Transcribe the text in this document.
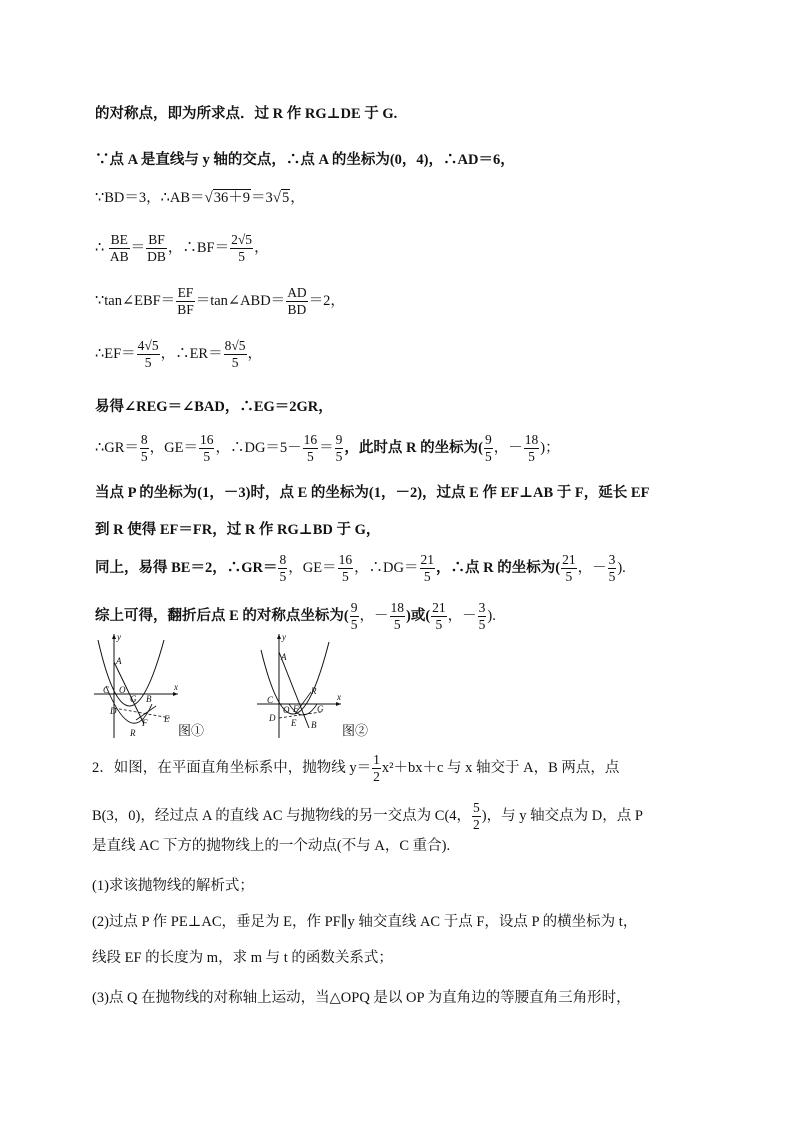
的对称点，即为所求点．过 R 作 RG⊥DE 于 G.
∵点 A 是直线与 y 轴的交点，∴点 A 的坐标为(0，4)，∴AD＝6，
∵BD＝3，∴AB＝√36＋9＝3√5，
∴ $\frac{BE}{AB} = \frac{BF}{DB}$ ，∴BF＝ $\frac{2√5}{5}$ ，
∵tan∠EBF＝ $\frac{EF}{BF}$ ＝tan∠ABD＝ $\frac{AD}{BD} =2$，
∴EF＝ $\frac{4√5}{5}$ ，∴ER＝ $\frac{8√5}{5}$ ，
易得∠REG＝∠BAD，∴EG＝2GR，
∴GR＝ $\frac{8}{5}$ ，$GE= \frac{16}{5}$ ，∴DG＝5－ $\frac{16}{5} = \frac{9}{5}$ ，此时点 R 的坐标为( $\frac{9}{5}$ ，－ $\frac{18}{5}$ )；
当点 P 的坐标为(1，－3)时，点 E 的坐标为(1，－2)，过点 E 作 EF⊥AB 于 F，延长 EF
到 R 使得 EF＝FR，过 R 作 RG⊥BD 于 G，
同上，易得 BE＝2，∴GR＝ $\frac{8}{5}$ ，$GE= \frac{16}{5}$ ，∴DG＝ $\frac{21}{5}$ ，∴点 R 的坐标为( $\frac{21}{5}$ ，－ $\frac{3}{5}$ ).
综上可得，翻折后点 E 的对称点坐标为( $\frac{9}{5}$ ，－ $\frac{18}{5}$ )或( $\frac{21}{5}$ ，－ $\frac{3}{5}$ ).
y
x
A
C O
G B
D
E
F
R	图①
y
x
A
C
O F G
R
D E B 图②
2．如图，在平面直角坐标系中，抛物线 $y= \frac{1}{2} x^2+bx+c$ 与 x 轴交于 A，B 两点，点
B(3，0)，经过点 A 的直线 AC 与抛物线的另一交点为 C(4， $\frac{5}{2}$ )，与 y 轴交点为 D，点 P
是直线 AC 下方的抛物线上的一个动点(不与 A，C 重合).
(1)求该抛物线的解析式；
(2)过点 P 作 PE⊥AC，垂足为 E，作 PF∥y 轴交直线 AC 于点 F，设点 P 的横坐标为 t，
线段 EF 的长度为 m，求 m 与 t 的函数关系式；
(3)点 Q 在抛物线的对称轴上运动，当△OPQ 是以 OP 为直角边的等腰直角三角形时，
